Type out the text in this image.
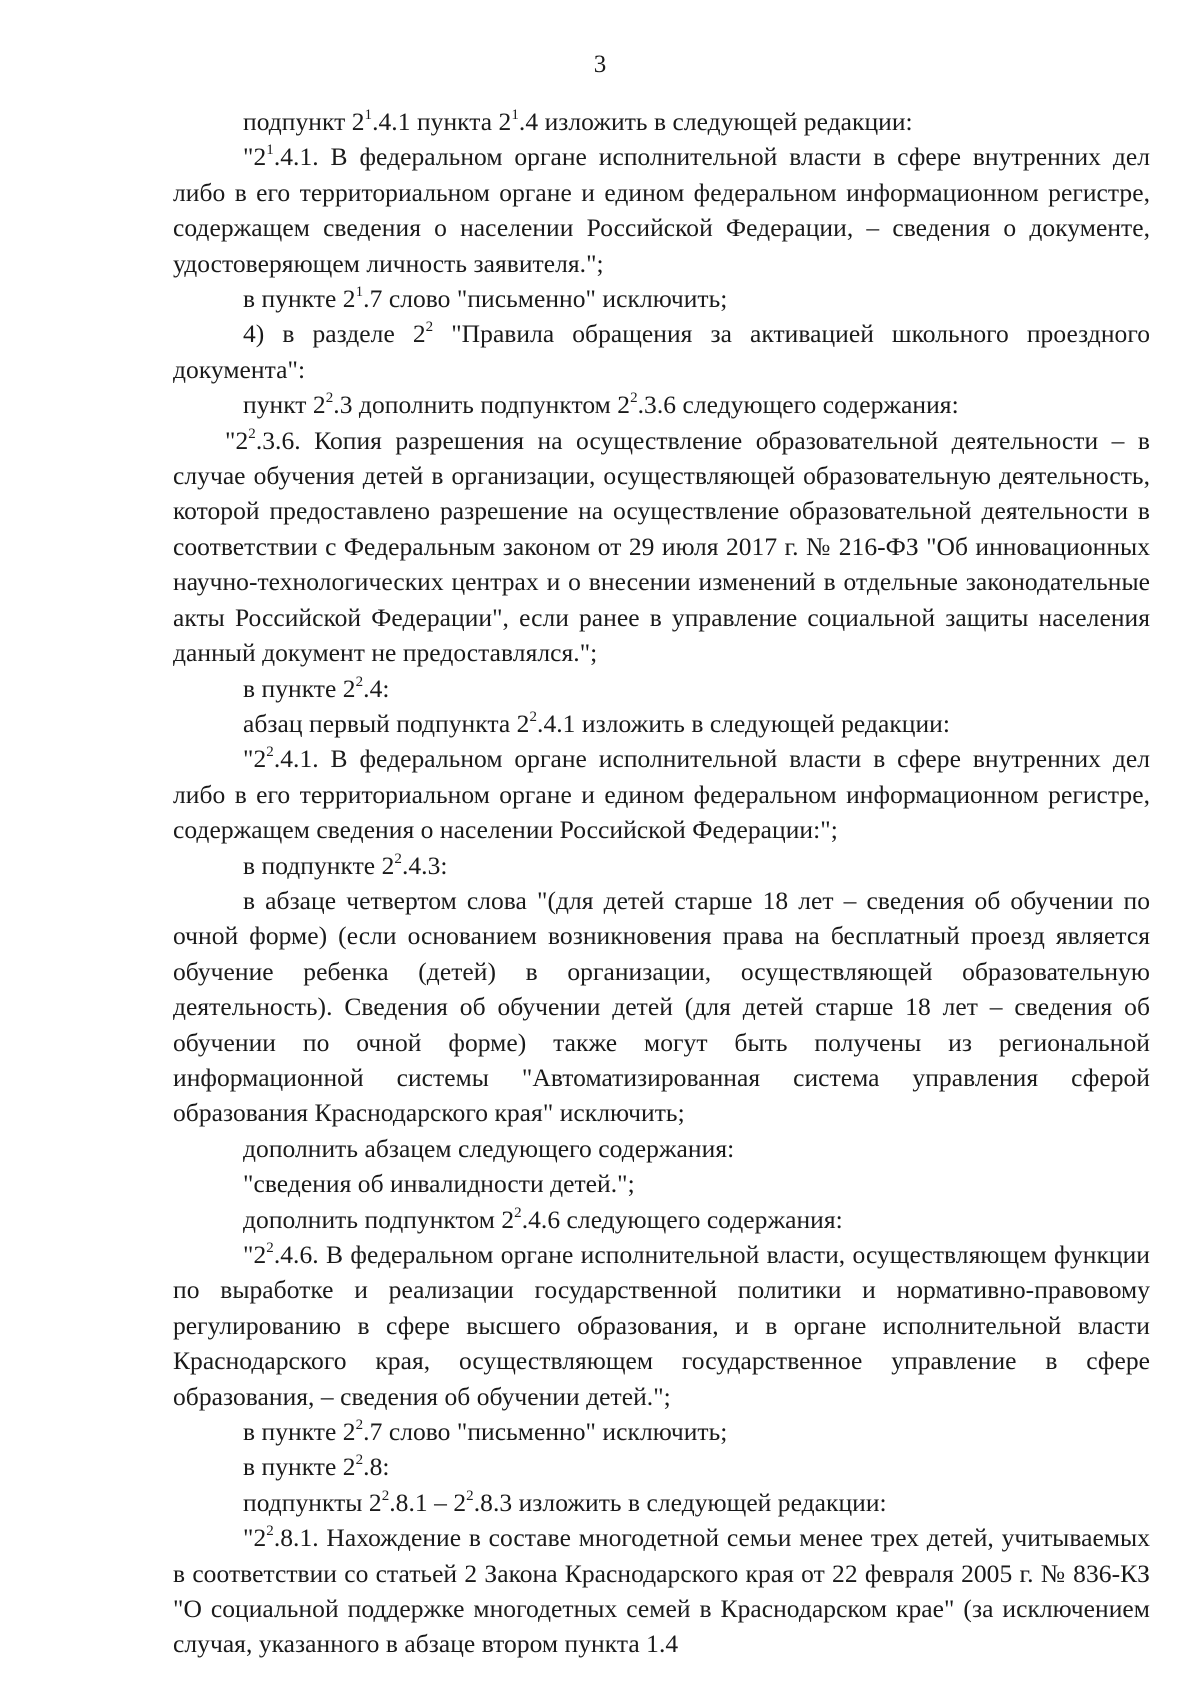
3

подпункт $2^1.4.1$ пункта $2^1.4$ изложить в следующей редакции:

"$2^1.4.1$. В федеральном органе исполнительной власти в сфере внутренних дел либо в его территориальном органе и едином федеральном информационном регистре, содержащем сведения о населении Российской Федерации, – сведения о документе, удостоверяющем личность заявителя.";

в пункте $2^1.7$ слово "письменно" исключить;

4) в разделе $2^2$ "Правила обращения за активацией школьного проездного документа":

пункт $2^2.3$ дополнить подпунктом $2^2.3.6$ следующего содержания:

"$2^2.3.6$. Копия разрешения на осуществление образовательной деятельности – в случае обучения детей в организации, осуществляющей образовательную деятельность, которой предоставлено разрешение на осуществление образовательной деятельности в соответствии с Федеральным законом от 29 июля 2017 г. № 216-ФЗ "Об инновационных научно-технологических центрах и о внесении изменений в отдельные законодательные акты Российской Федерации", если ранее в управление социальной защиты населения данный документ не предоставлялся.";

в пункте $2^2.4$:

абзац первый подпункта $2^2.4.1$ изложить в следующей редакции:

"$2^2.4.1$. В федеральном органе исполнительной власти в сфере внутренних дел либо в его территориальном органе и едином федеральном информационном регистре, содержащем сведения о населении Российской Федерации:";

в подпункте $2^2.4.3$:

в абзаце четвертом слова "(для детей старше 18 лет – сведения об обучении по очной форме) (если основанием возникновения права на бесплатный проезд является обучение ребенка (детей) в организации, осуществляющей образовательную деятельность). Сведения об обучении детей (для детей старше 18 лет – сведения об обучении по очной форме) также могут быть получены из региональной информационной системы "Автоматизированная система управления сферой образования Краснодарского края" исключить;

дополнить абзацем следующего содержания:

"сведения об инвалидности детей.";

дополнить подпунктом $2^2.4.6$ следующего содержания:

"$2^2.4.6$. В федеральном органе исполнительной власти, осуществляющем функции по выработке и реализации государственной политики и нормативно-правовому регулированию в сфере высшего образования, и в органе исполнительной власти Краснодарского края, осуществляющем государственное управление в сфере образования, – сведения об обучении детей.";

в пункте $2^2.7$ слово "письменно" исключить;

в пункте $2^2.8$:

подпункты $2^2.8.1 - 2^2.8.3$ изложить в следующей редакции:

"$2^2.8.1$. Нахождение в составе многодетной семьи менее трех детей, учитываемых в соответствии со статьей 2 Закона Краснодарского края от 22 февраля 2005 г. № 836-КЗ "О социальной поддержке многодетных семей в Краснодарском крае" (за исключением случая, указанного в абзаце втором пункта 1.4
